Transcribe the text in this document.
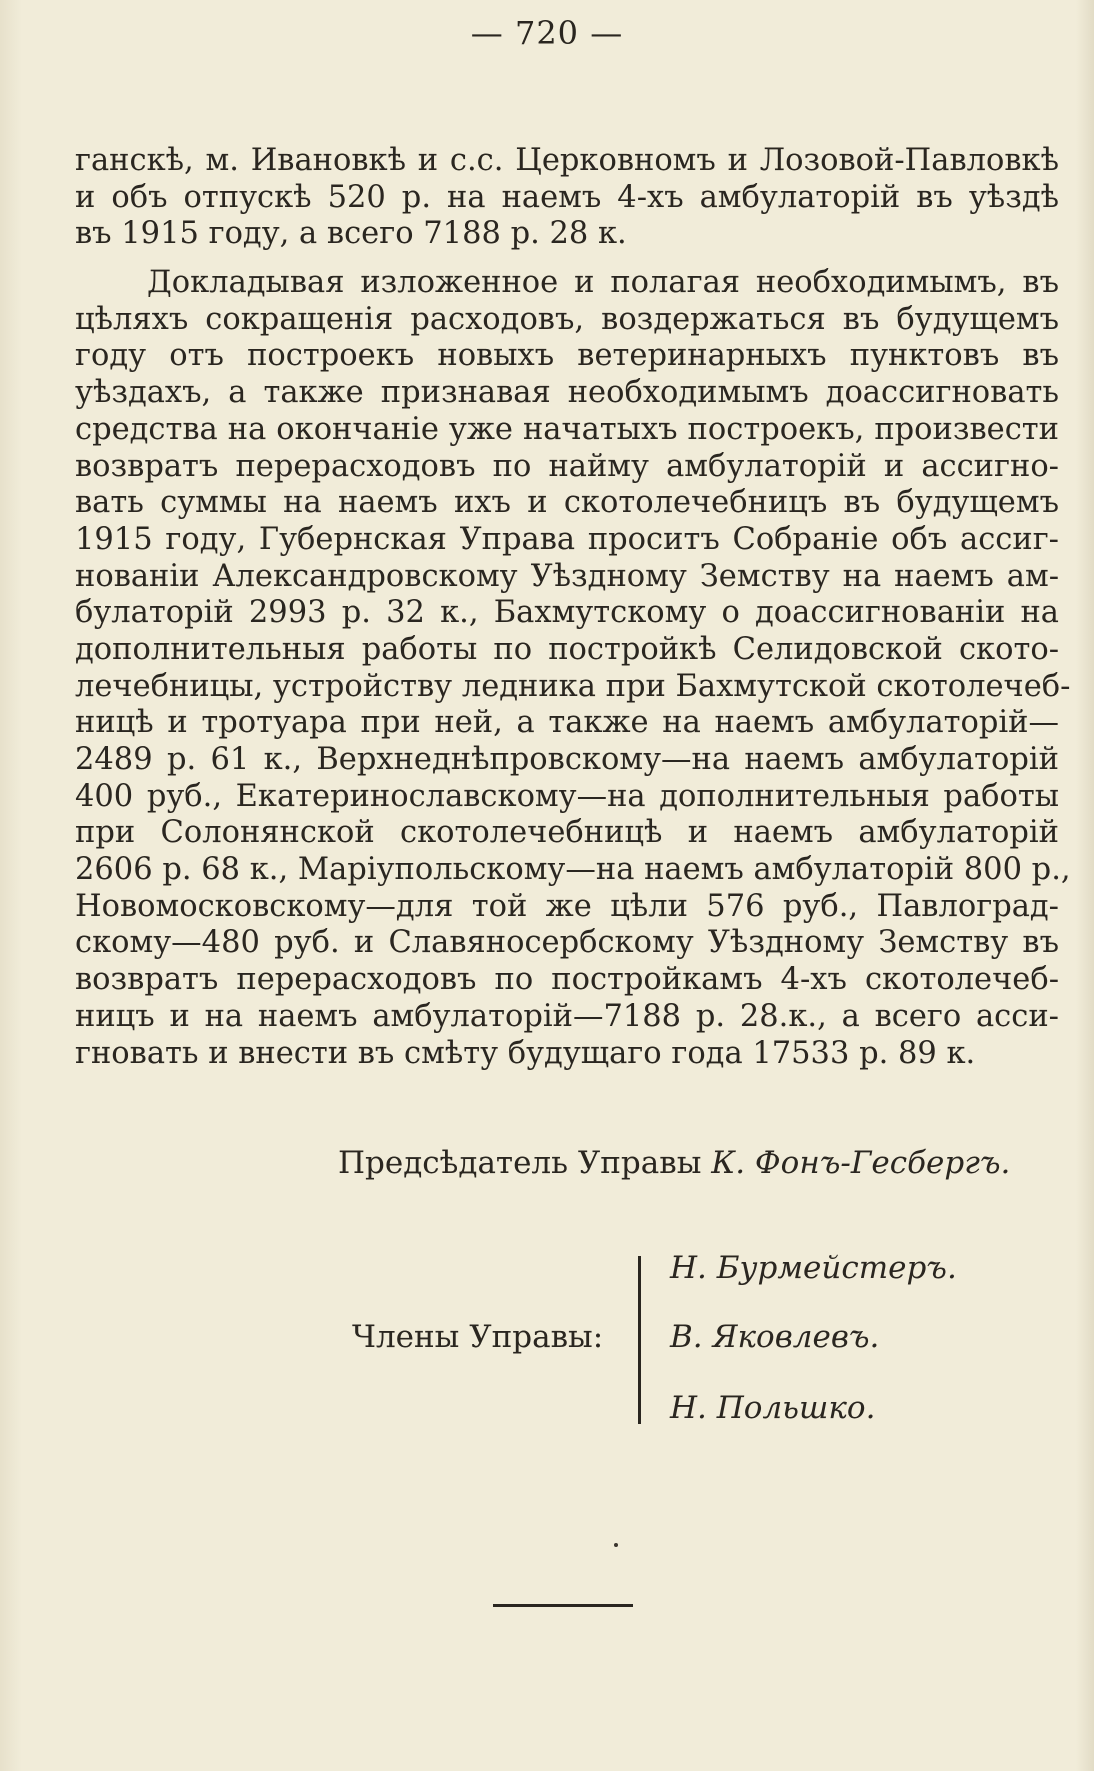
— 720 —
ганскѣ, м. Ивановкѣ и с.с. Церковномъ и Лозовой-Павловкѣ
и объ отпускѣ 520 р. на наемъ 4-хъ амбулаторій въ уѣздѣ
въ 1915 году, а всего 7188 р. 28 к.
Докладывая изложенное и полагая необходимымъ, въ
цѣляхъ сокращенія расходовъ, воздержаться въ будущемъ
году отъ построекъ новыхъ ветеринарныхъ пунктовъ въ
уѣздахъ, а также признавая необходимымъ доассигновать
средства на окончаніе уже начатыхъ построекъ, произвести
возвратъ перерасходовъ по найму амбулаторій и ассигно-
вать суммы на наемъ ихъ и скотолечебницъ въ будущемъ
1915 году, Губернская Управа проситъ Собраніе объ ассиг-
нованіи Александровскому Уѣздному Земству на наемъ ам-
булаторій 2993 р. 32 к., Бахмутскому о доассигнованіи на
дополнительныя работы по постройкѣ Селидовской ското-
лечебницы, устройству ледника при Бахмутской скотолечеб-
ницѣ и тротуара при ней, а также на наемъ амбулаторій—
2489 р. 61 к., Верхнеднѣпровскому—на наемъ амбулаторій
400 руб., Екатеринославскому—на дополнительныя работы
при Солонянской скотолечебницѣ и наемъ амбулаторій
2606 р. 68 к., Маріупольскому—на наемъ амбулаторій 800 р.,
Новомосковскому—для той же цѣли 576 руб., Павлоград-
скому—480 руб. и Славяносербскому Уѣздному Земству въ
возвратъ перерасходовъ по постройкамъ 4-хъ скотолечеб-
ницъ и на наемъ амбулаторій—7188 р. 28.к., а всего асси-
гновать и внести въ смѣту будущаго года 17533 р. 89 к.
Предсѣдатель Управы К. Фонъ-Гесбергъ.
Члены Управы:
Н. Бурмейстеръ.
В. Яковлевъ.
Н. Польшко.
